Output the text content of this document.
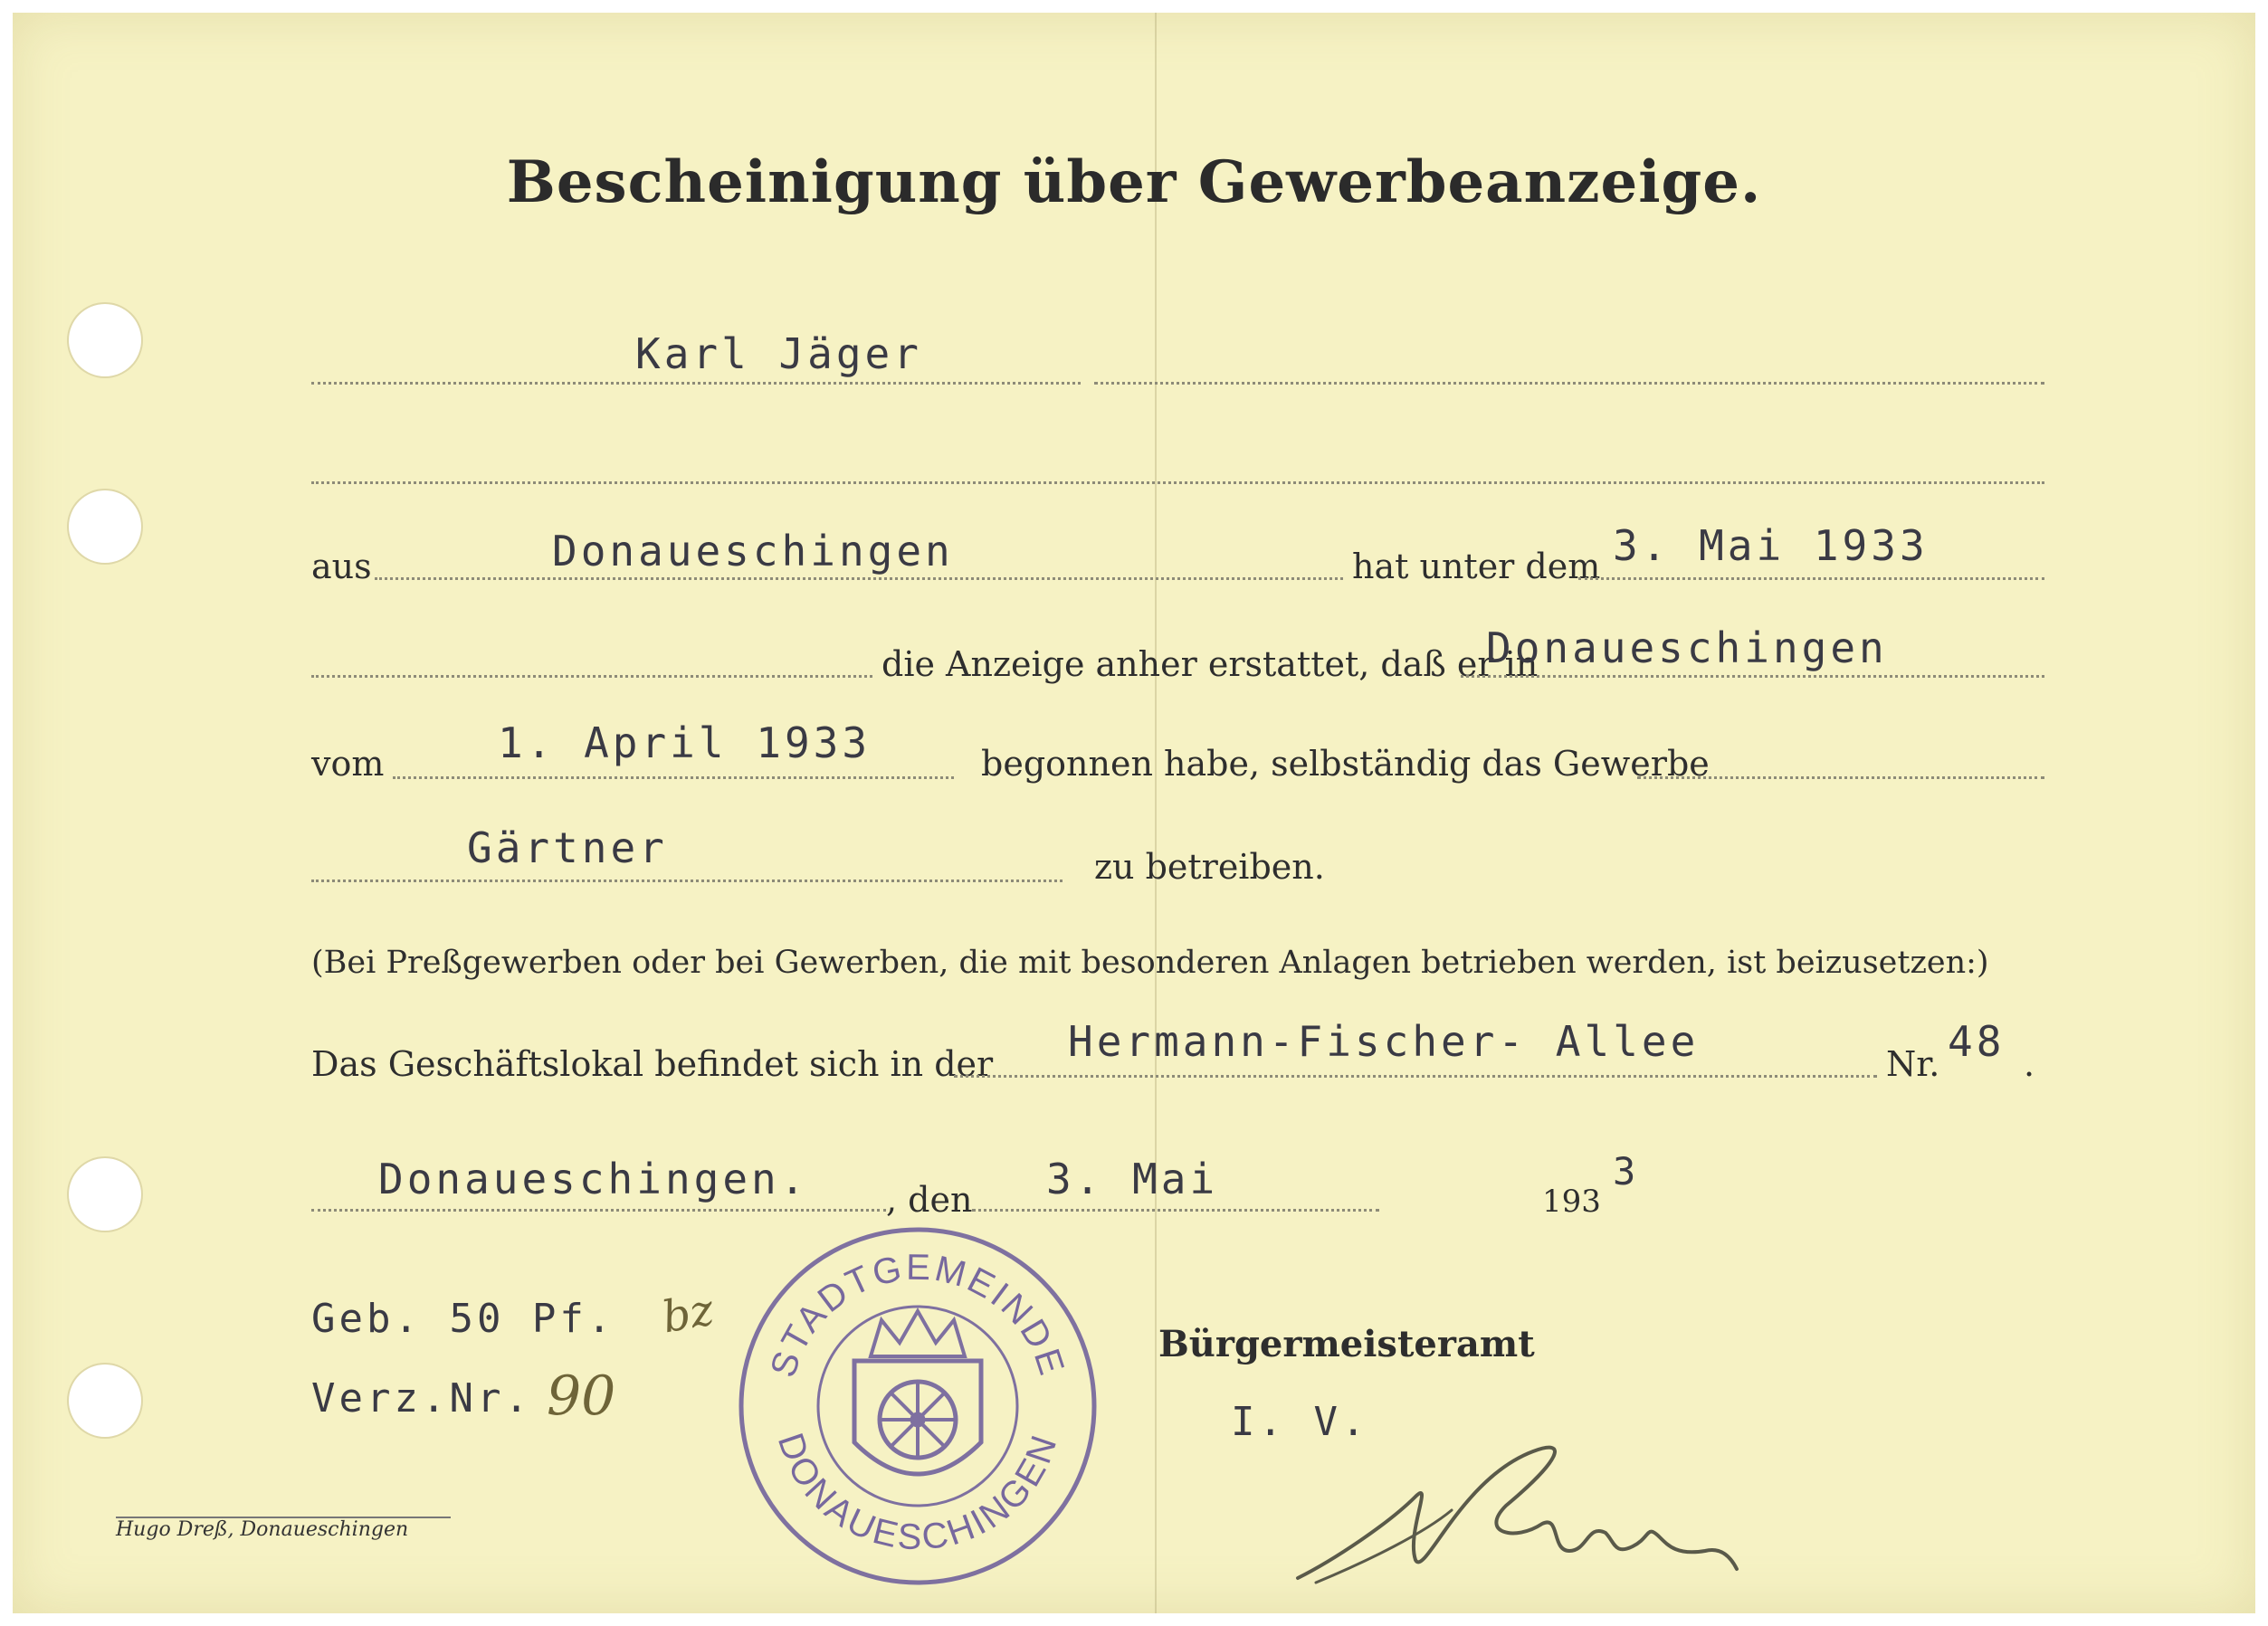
Bescheinigung über Gewerbeanzeige.
Karl Jäger
aus	Donaueschingen	hat unter dem 3. Mai 1933
die Anzeige anher erstattet, daß er in
Donaueschingen
vom	1. April 1933	begonnen habe, selbständig das Gewerbe
Gärtner	zu betreiben.
(Bei Preßgewerben oder bei Gewerben, die mit besonderen Anlagen betrieben werden, ist beizusetzen:)
Das Geschäftslokal befindet sich in der Hermann-Fischer- Allee	Nr. 48 .
Donaueschingen. , den 3. Mai	193
3
Geb. 50 Pf. bz
Verz.Nr. 90
STADTGEMEINDE
DONAUESCHINGEN
Bürgermeisteramt
I. V.
Hugo Dreß, Donaueschingen
